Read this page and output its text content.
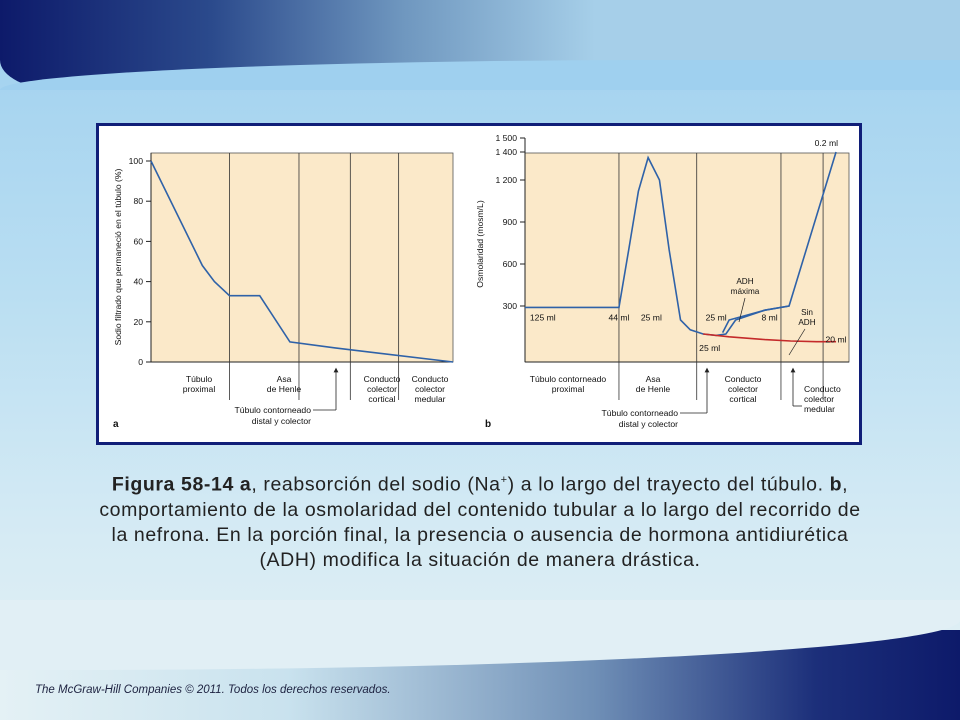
Sodio filtrado que permaneció en el túbulo (%)
0
20
40
60
80
100
Túbulo proximal
Asa de Henle
Conducto colector cortical
Conducto colector medular
Túbulo contorneado distal y colector
a
Osmolaridad (mosm/L)
300
600
900
1 200
1 400
1 500
125 ml	44 ml 25 ml
25 ml
25 ml	8 ml
0.2 ml
20 ml
ADH máxima
Sin ADH
Túbulo contorneado proximal
Asa de Henle
Conducto colector cortical
Conducto colector medular
Túbulo contorneado distal y colector
b
Figura 58-14 a, reabsorción del sodio (Na+) a lo largo del trayecto del túbulo. b, comportamiento de la osmolaridad del contenido tubular a lo largo del recorrido de la nefrona. En la porción final, la presencia o ausencia de hormona antidiurética (ADH) modifica la situación de manera drástica.
The McGraw-Hill Companies © 2011. Todos los derechos reservados.
